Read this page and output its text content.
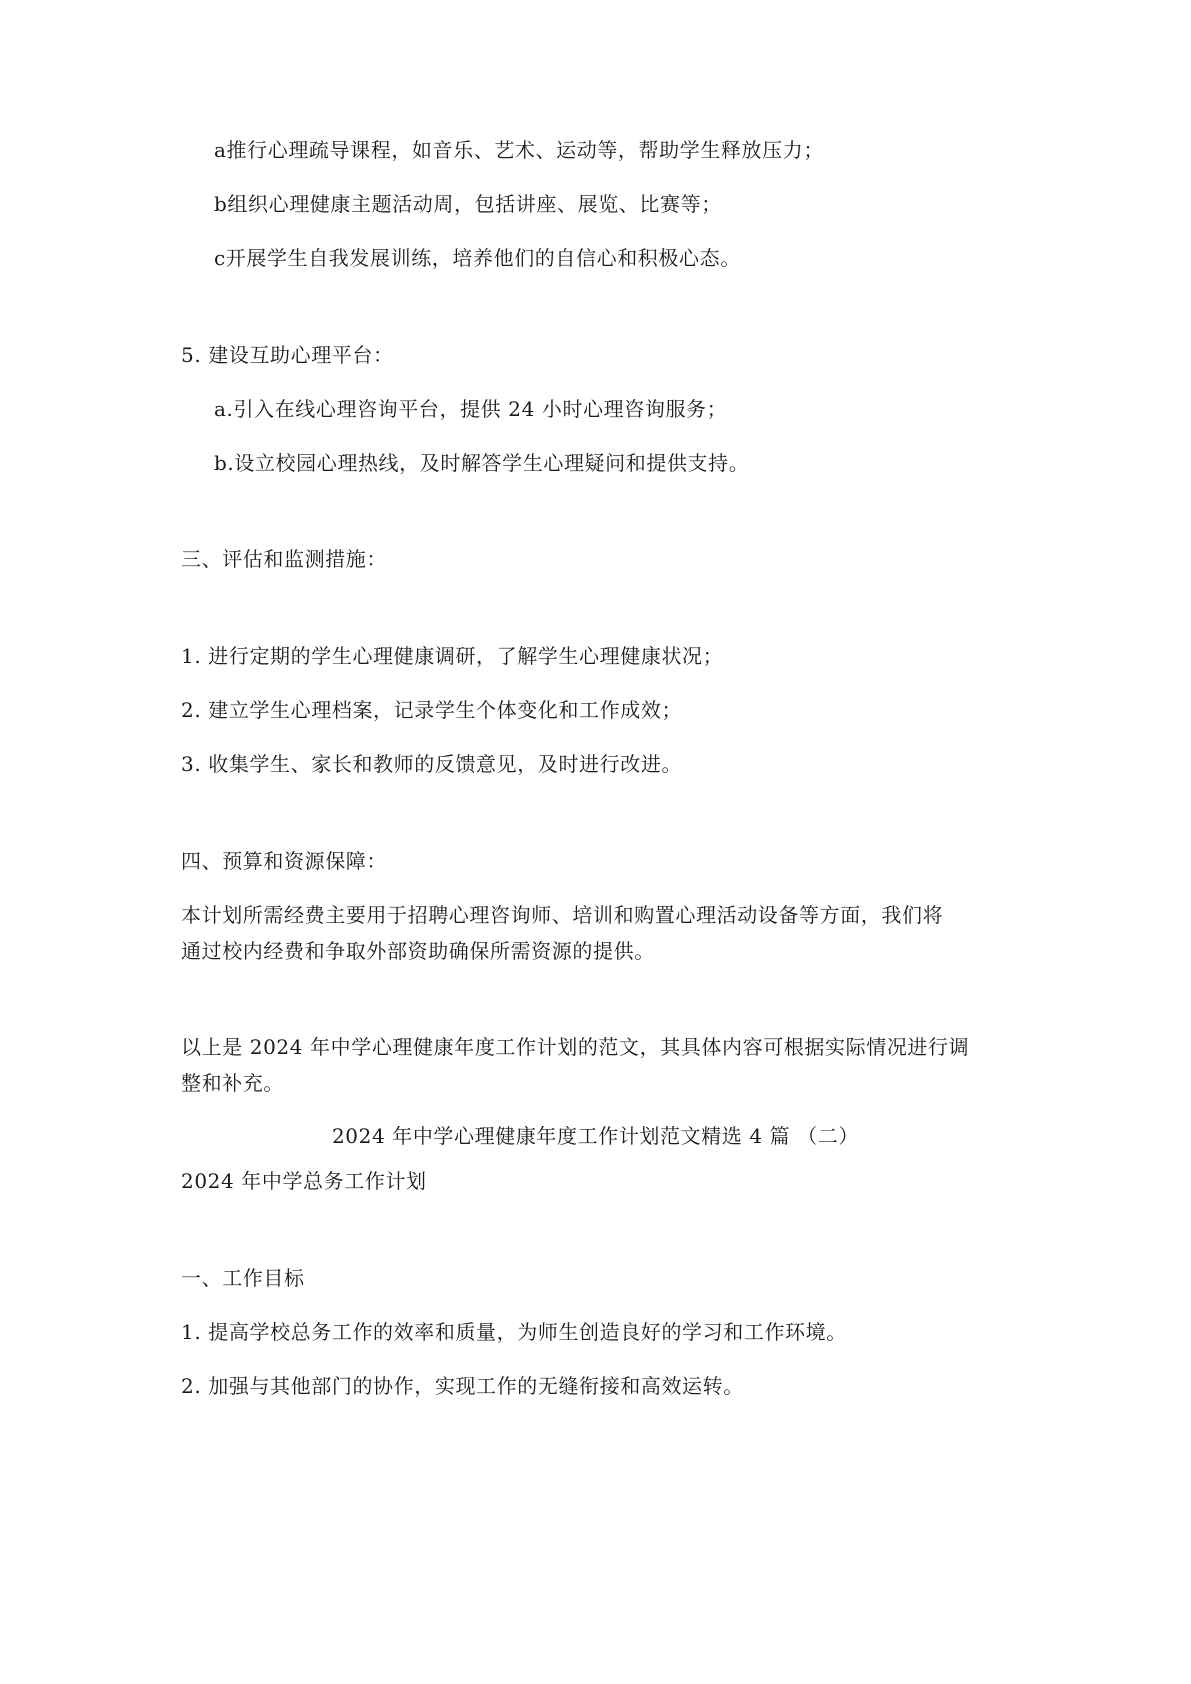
a推行心理疏导课程，如音乐、艺术、运动等，帮助学生释放压力；
b组织心理健康主题活动周，包括讲座、展览、比赛等；
c开展学生自我发展训练，培养他们的自信心和积极心态。
5. 建设互助心理平台：
a.引入在线心理咨询平台，提供 24 小时心理咨询服务；
b.设立校园心理热线，及时解答学生心理疑问和提供支持。
三、评估和监测措施：
1. 进行定期的学生心理健康调研，了解学生心理健康状况；
2. 建立学生心理档案，记录学生个体变化和工作成效；
3. 收集学生、家长和教师的反馈意见，及时进行改进。
四、预算和资源保障：
本计划所需经费主要用于招聘心理咨询师、培训和购置心理活动设备等方面，我们将
通过校内经费和争取外部资助确保所需资源的提供。
以上是 2024 年中学心理健康年度工作计划的范文，其具体内容可根据实际情况进行调
整和补充。
2024 年中学心理健康年度工作计划范文精选 4 篇 （二）
2024 年中学总务工作计划
一、工作目标
1. 提高学校总务工作的效率和质量，为师生创造良好的学习和工作环境。
2. 加强与其他部门的协作，实现工作的无缝衔接和高效运转。
